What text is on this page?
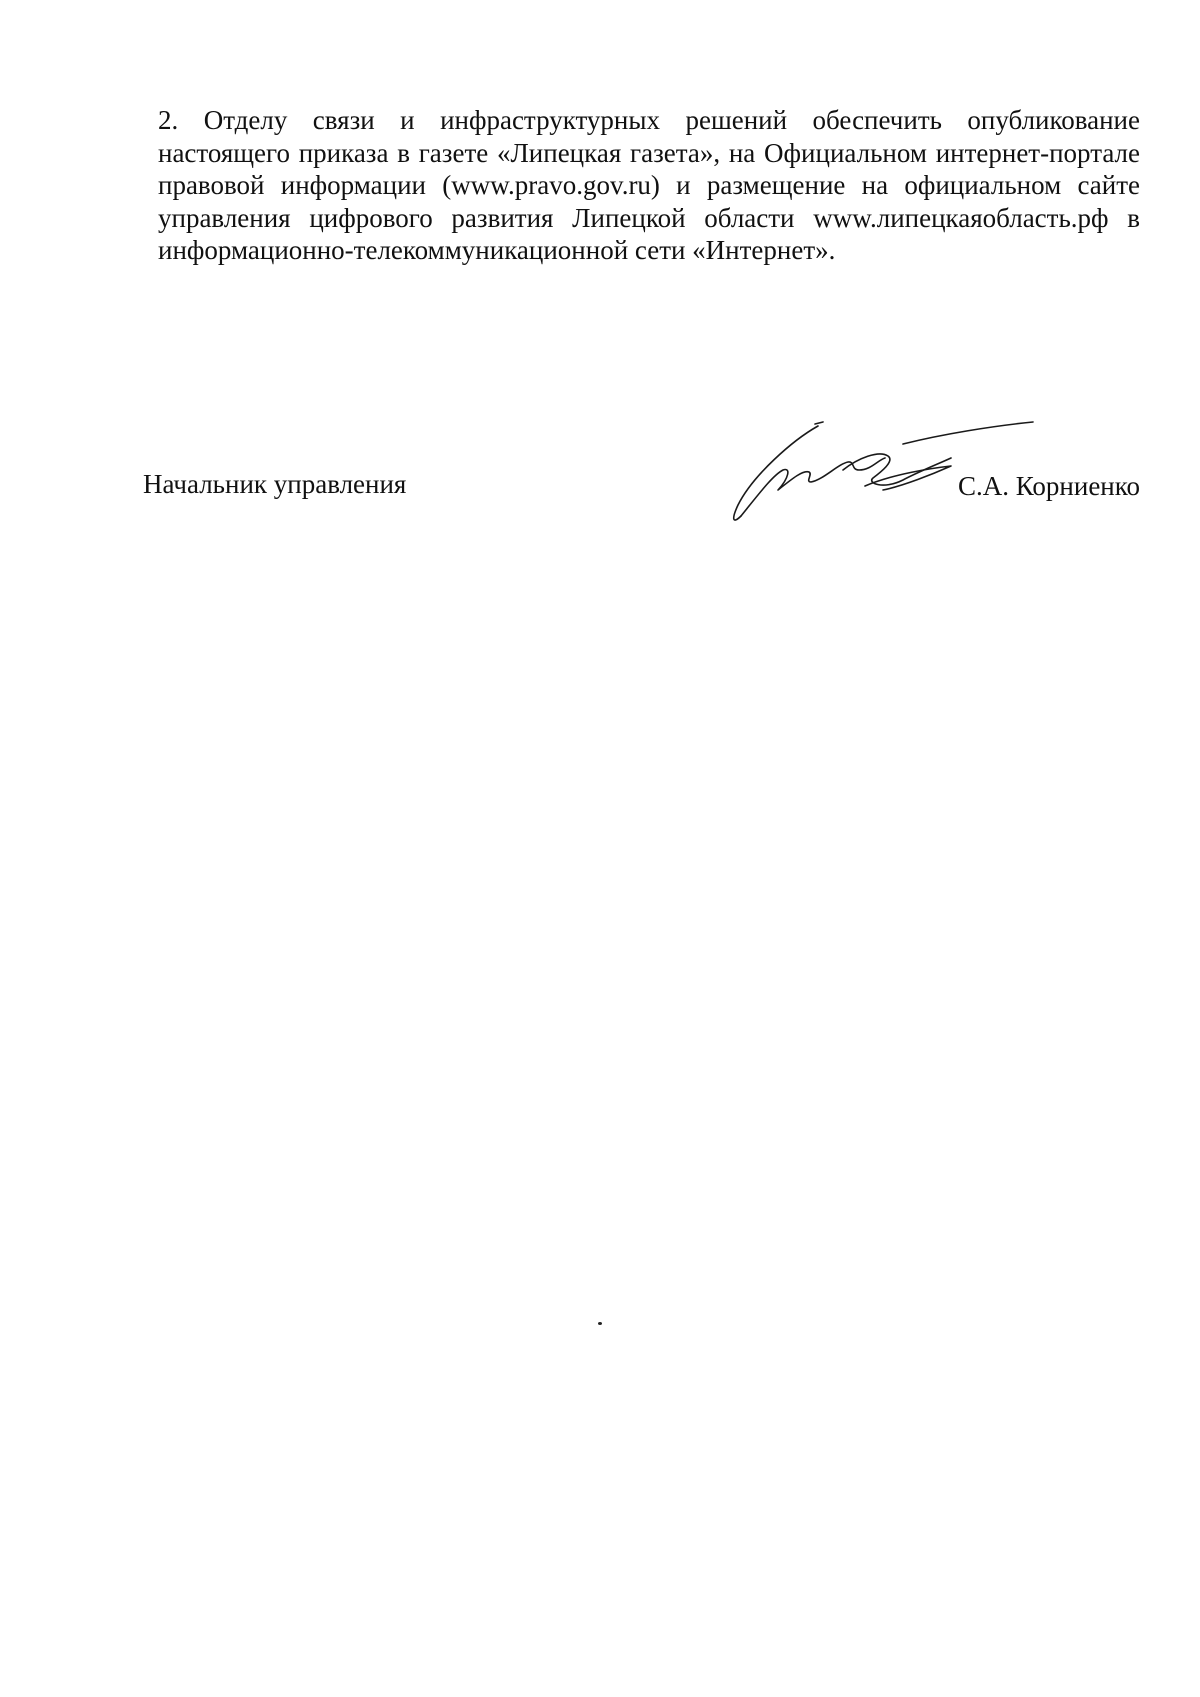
2. Отделу связи и инфраструктурных решений обеспечить опубликование настоящего приказа в газете «Липецкая газета», на Официальном интернет-портале правовой информации (www.pravo.gov.ru) и размещение на официальном сайте управления цифрового развития Липецкой области www.липецкаяобласть.рф в информационно-телекоммуникационной сети «Интернет».

Начальник управления	С.А. Корниенко
